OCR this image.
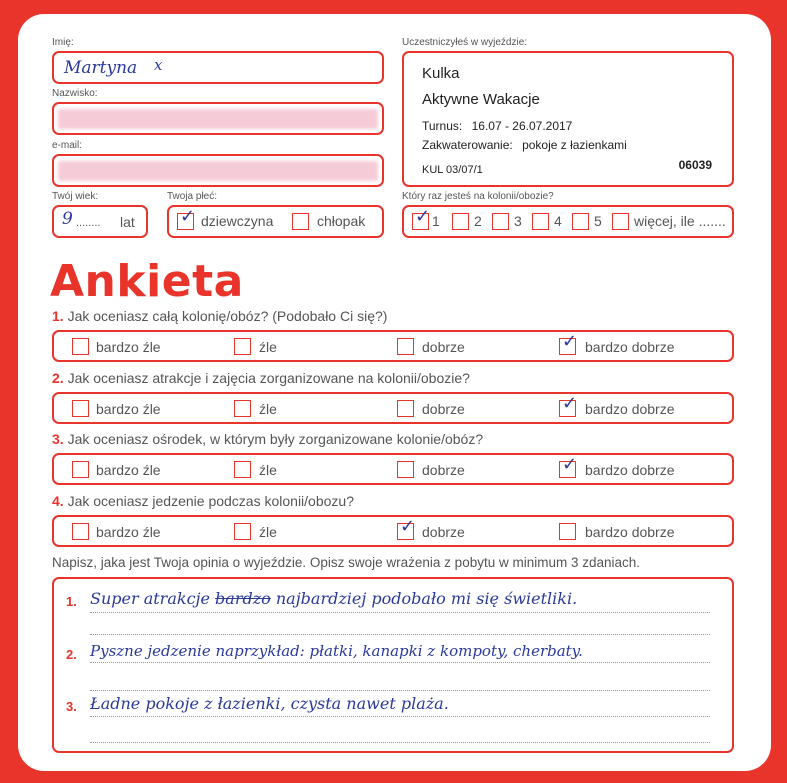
Imię:
Martyna x
Nazwisko:
e-mail:
Twój wiek:
9 ........ lat
Twoja płeć:
✓ dziewczyna	chłopak
Uczestniczyłeś w wyjeździe:
Kulka
Aktywne Wakacje
Turnus: 16.07 - 26.07.2017
Zakwaterowanie: pokoje z łazienkami
KUL 03/07/1	06039
Który raz jesteś na kolonii/obozie?
✓ 1 2 3 4 5 więcej, ile .......
Ankieta
1. Jak oceniasz całą kolonię/obóz? (Podobało Ci się?)
bardzo źle	źle	dobrze	✓ bardzo dobrze
2. Jak oceniasz atrakcje i zajęcia zorganizowane na kolonii/obozie?
bardzo źle	źle	dobrze	✓ bardzo dobrze
3. Jak oceniasz ośrodek, w którym były zorganizowane kolonie/obóz?
bardzo źle	źle	dobrze	✓ bardzo dobrze
4. Jak oceniasz jedzenie podczas kolonii/obozu?
bardzo źle	źle	✓ dobrze	bardzo dobrze
Napisz, jaka jest Twoja opinia o wyjeździe. Opisz swoje wrażenia z pobytu w minimum 3 zdaniach.
1. Super atrakcje bardzo najbardziej podobało mi się świetliki.
2. Pyszne jedzenie naprzykład: płatki, kanapki z kompoty, cherbaty.
3. Ładne pokoje z łazienki, czysta nawet plaża.
